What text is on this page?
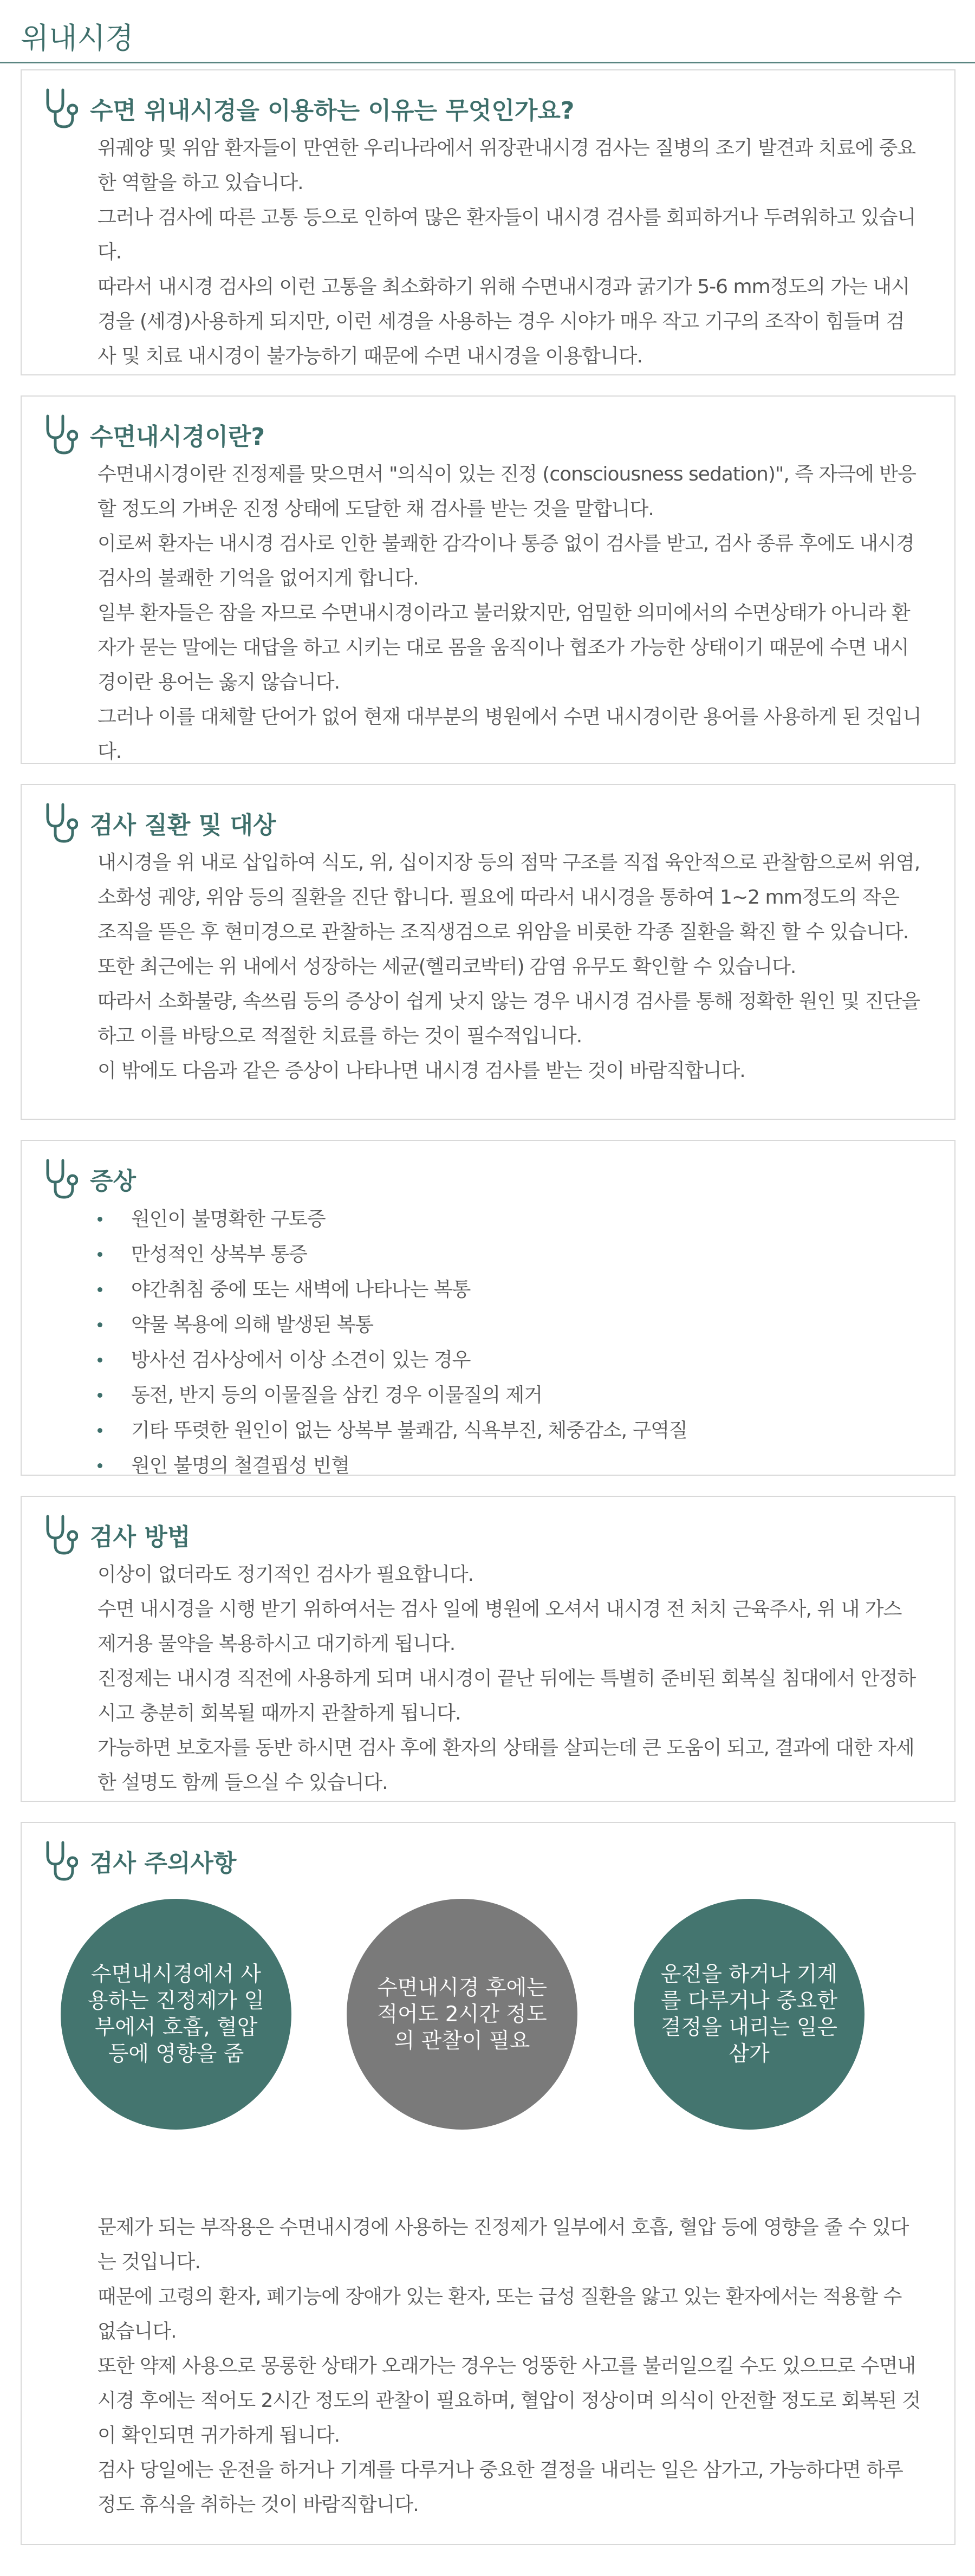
위내시경
수면 위내시경을 이용하는 이유는 무엇인가요?

위궤양 및 위암 환자들이 만연한 우리나라에서 위장관내시경 검사는 질병의 조기 발견과 치료에 중요한 역할을 하고 있습니다.

그러나 검사에 따른 고통 등으로 인하여 많은 환자들이 내시경 검사를 회피하거나 두려워하고 있습니다.

따라서 내시경 검사의 이런 고통을 최소화하기 위해 수면내시경과 굵기가 5-6 mm정도의 가는 내시경을 (세경)사용하게 되지만, 이런 세경을 사용하는 경우 시야가 매우 작고 기구의 조작이 힘들며 검사 및 치료 내시경이 불가능하기 때문에 수면 내시경을 이용합니다.

수면내시경이란?

수면내시경이란 진정제를 맞으면서 "의식이 있는 진정 (consciousness sedation)", 즉 자극에 반응할 정도의 가벼운 진정 상태에 도달한 채 검사를 받는 것을 말합니다.

이로써 환자는 내시경 검사로 인한 불쾌한 감각이나 통증 없이 검사를 받고, 검사 종류 후에도 내시경검사의 불쾌한 기억을 없어지게 합니다.

일부 환자들은 잠을 자므로 수면내시경이라고 불러왔지만, 엄밀한 의미에서의 수면상태가 아니라 환자가 묻는 말에는 대답을 하고 시키는 대로 몸을 움직이나 협조가 가능한 상태이기 때문에 수면 내시경이란 용어는 옳지 않습니다.

그러나 이를 대체할 단어가 없어 현재 대부분의 병원에서 수면 내시경이란 용어를 사용하게 된 것입니다.

검사 질환 및 대상

내시경을 위 내로 삽입하여 식도, 위, 십이지장 등의 점막 구조를 직접 육안적으로 관찰함으로써 위염, 소화성 궤양, 위암 등의 질환을 진단 합니다. 필요에 따라서 내시경을 통하여 1~2 mm정도의 작은 조직을 뜯은 후 현미경으로 관찰하는 조직생검으로 위암을 비롯한 각종 질환을 확진 할 수 있습니다.

또한 최근에는 위 내에서 성장하는 세균(헬리코박터) 감염 유무도 확인할 수 있습니다.

따라서 소화불량, 속쓰림 등의 증상이 쉽게 낫지 않는 경우 내시경 검사를 통해 정확한 원인 및 진단을 하고 이를 바탕으로 적절한 치료를 하는 것이 필수적입니다.

이 밖에도 다음과 같은 증상이 나타나면 내시경 검사를 받는 것이 바람직합니다.

증상
원인이 불명확한 구토증
만성적인 상복부 통증
야간취침 중에 또는 새벽에 나타나는 복통
약물 복용에 의해 발생된 복통
방사선 검사상에서 이상 소견이 있는 경우
동전, 반지 등의 이물질을 삼킨 경우 이물질의 제거
기타 뚜렷한 원인이 없는 상복부 불쾌감, 식욕부진, 체중감소, 구역질
원인 불명의 철결핍성 빈혈
검사 방법

이상이 없더라도 정기적인 검사가 필요합니다.

수면 내시경을 시행 받기 위하여서는 검사 일에 병원에 오셔서 내시경 전 처치 근육주사, 위 내 가스 제거용 물약을 복용하시고 대기하게 됩니다.

진정제는 내시경 직전에 사용하게 되며 내시경이 끝난 뒤에는 특별히 준비된 회복실 침대에서 안정하시고 충분히 회복될 때까지 관찰하게 됩니다.

가능하면 보호자를 동반 하시면 검사 후에 환자의 상태를 살피는데 큰 도움이 되고, 결과에 대한 자세한 설명도 함께 들으실 수 있습니다.

검사 주의사항
수면내시경에서 사용하는 진정제가 일부에서 호흡, 혈압 등에 영향을 줌
수면내시경 후에는 적어도 2시간 정도의 관찰이 필요
운전을 하거나 기계를 다루거나 중요한 결정을 내리는 일은 삼가

문제가 되는 부작용은 수면내시경에 사용하는 진정제가 일부에서 호흡, 혈압 등에 영향을 줄 수 있다는 것입니다.

때문에 고령의 환자, 폐기능에 장애가 있는 환자, 또는 급성 질환을 앓고 있는 환자에서는 적용할 수 없습니다.

또한 약제 사용으로 몽롱한 상태가 오래가는 경우는 엉뚱한 사고를 불러일으킬 수도 있으므로 수면내시경 후에는 적어도 2시간 정도의 관찰이 필요하며, 혈압이 정상이며 의식이 안전할 정도로 회복된 것이 확인되면 귀가하게 됩니다.

검사 당일에는 운전을 하거나 기계를 다루거나 중요한 결정을 내리는 일은 삼가고, 가능하다면 하루 정도 휴식을 취하는 것이 바람직합니다.
